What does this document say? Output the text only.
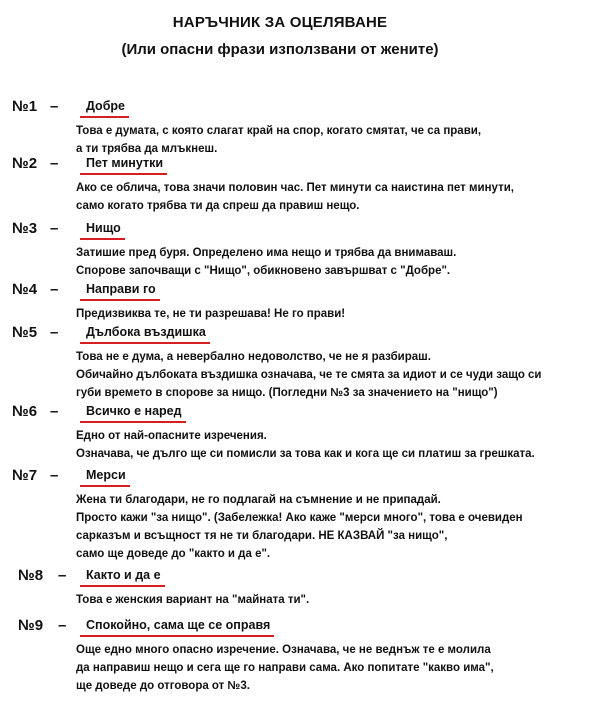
НАРЪЧНИК ЗА ОЦЕЛЯВАНЕ
(Или опасни фрази използвани от жените)
№1 – Добре
Това е думата, с която слагат край на спор, когато смятат, че са прави,
а ти трябва да млъкнеш.
№2 – Пет минутки
Ако се облича, това значи половин час. Пет минути са наистина пет минути,
само когато трябва ти да спреш да правиш нещо.
№3 – Нищо
Затишие пред буря. Определено има нещо и трябва да внимаваш.
Спорове започващи с "Нищо", обикновено завършват с "Добре".
№4 – Направи го
Предизвиква те, не ти разрешава! Не го прави!
№5 – Дълбока въздишка
Това не е дума, а невербално недоволство, че не я разбираш.
Обичайно дълбоката въздишка означава, че те смята за идиот и се чуди защо си
губи времето в спорове за нищо. (Погледни №3 за значението на "нищо")
№6 – Всичко е наред
Едно от най-опасните изречения.
Означава, че дълго ще си помисли за това как и кога ще си платиш за грешката.
№7 – Мерси
Жена ти благодари, не го подлагай на съмнение и не припадай.
Просто кажи "за нищо". (Забележка! Ако каже "мерси много", това е очевиден
сарказъм и всъщност тя не ти благодари. НЕ КАЗВАЙ "за нищо",
само ще доведе до "както и да е".
№8 – Както и да е
Това е женския вариант на "майната ти".
№9 – Спокойно, сама ще се оправя
Още едно много опасно изречение. Означава, че не веднъж те е молила
да направиш нещо и сега ще го направи сама. Ако попитате "какво има",
ще доведе до отговора от №3.
